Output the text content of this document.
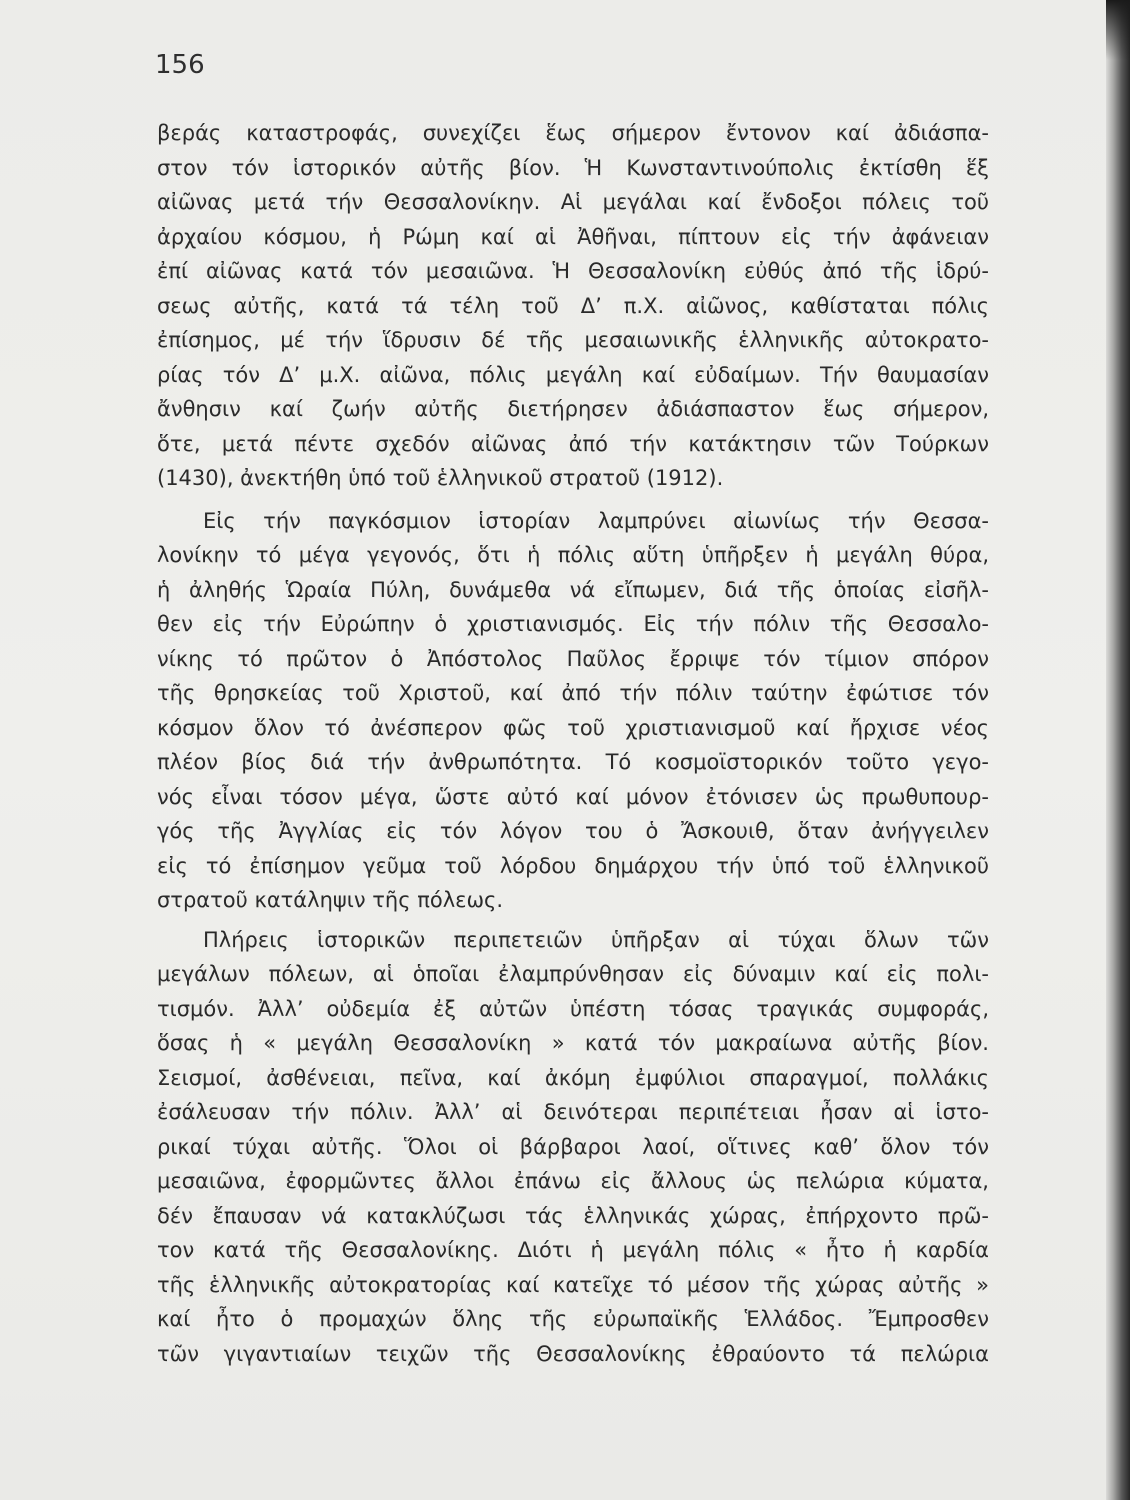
156
βεράς καταστροφάς, συνεχίζει ἕως σήμερον ἔντονον καί ἀδιάσπα-
στον τόν ἱστορικόν αὐτῆς βίον. Ἡ Κωνσταντινούπολις ἐκτίσθη ἕξ
αἰῶνας μετά τήν Θεσσαλονίκην. Αἱ μεγάλαι καί ἔνδοξοι πόλεις τοῦ
ἀρχαίου κόσμου, ἡ Ρώμη καί αἱ Ἀθῆναι, πίπτουν εἰς τήν ἀφάνειαν
ἐπί αἰῶνας κατά τόν μεσαιῶνα. Ἡ Θεσσαλονίκη εὐθύς ἀπό τῆς ἱδρύ-
σεως αὐτῆς, κατά τά τέλη τοῦ Δ’ π.Χ. αἰῶνος, καθίσταται πόλις
ἐπίσημος, μέ τήν ἵδρυσιν δέ τῆς μεσαιωνικῆς ἑλληνικῆς αὐτοκρατο-
ρίας τόν Δ’ μ.Χ. αἰῶνα, πόλις μεγάλη καί εὐδαίμων. Τήν θαυμασίαν
ἄνθησιν καί ζωήν αὐτῆς διετήρησεν ἀδιάσπαστον ἕως σήμερον,
ὅτε, μετά πέντε σχεδόν αἰῶνας ἀπό τήν κατάκτησιν τῶν Τούρκων
(1430), ἀνεκτήθη ὑπό τοῦ ἑλληνικοῦ στρατοῦ (1912).
Εἰς τήν παγκόσμιον ἱστορίαν λαμπρύνει αἰωνίως τήν Θεσσα-
λονίκην τό μέγα γεγονός, ὅτι ἡ πόλις αὕτη ὑπῆρξεν ἡ μεγάλη θύρα,
ἡ ἀληθής Ὡραία Πύλη, δυνάμεθα νά εἴπωμεν, διά τῆς ὁποίας εἰσῆλ-
θεν εἰς τήν Εὐρώπην ὁ χριστιανισμός. Εἰς τήν πόλιν τῆς Θεσσαλο-
νίκης τό πρῶτον ὁ Ἀπόστολος Παῦλος ἔρριψε τόν τίμιον σπόρον
τῆς θρησκείας τοῦ Χριστοῦ, καί ἀπό τήν πόλιν ταύτην ἐφώτισε τόν
κόσμον ὅλον τό ἀνέσπερον φῶς τοῦ χριστιανισμοῦ καί ἤρχισε νέος
πλέον βίος διά τήν ἀνθρωπότητα. Τό κοσμοϊστορικόν τοῦτο γεγο-
νός εἶναι τόσον μέγα, ὥστε αὐτό καί μόνον ἐτόνισεν ὡς πρωθυπουρ-
γός τῆς Ἀγγλίας εἰς τόν λόγον του ὁ Ἄσκουιθ, ὅταν ἀνήγγειλεν
εἰς τό ἐπίσημον γεῦμα τοῦ λόρδου δημάρχου τήν ὑπό τοῦ ἑλληνικοῦ
στρατοῦ κατάληψιν τῆς πόλεως.
Πλήρεις ἱστορικῶν περιπετειῶν ὑπῆρξαν αἱ τύχαι ὅλων τῶν
μεγάλων πόλεων, αἱ ὁποῖαι ἐλαμπρύνθησαν εἰς δύναμιν καί εἰς πολι-
τισμόν. Ἀλλ’ οὐδεμία ἐξ αὐτῶν ὑπέστη τόσας τραγικάς συμφοράς,
ὅσας ἡ « μεγάλη Θεσσαλονίκη » κατά τόν μακραίωνα αὐτῆς βίον.
Σεισμοί, ἀσθένειαι, πεῖνα, καί ἀκόμη ἐμφύλιοι σπαραγμοί, πολλάκις
ἐσάλευσαν τήν πόλιν. Ἀλλ’ αἱ δεινότεραι περιπέτειαι ἦσαν αἱ ἱστο-
ρικαί τύχαι αὐτῆς. Ὅλοι οἱ βάρβαροι λαοί, οἵτινες καθ’ ὅλον τόν
μεσαιῶνα, ἐφορμῶντες ἄλλοι ἐπάνω εἰς ἄλλους ὡς πελώρια κύματα,
δέν ἔπαυσαν νά κατακλύζωσι τάς ἑλληνικάς χώρας, ἐπήρχοντο πρῶ-
τον κατά τῆς Θεσσαλονίκης. Διότι ἡ μεγάλη πόλις « ἦτο ἡ καρδία
τῆς ἑλληνικῆς αὐτοκρατορίας καί κατεῖχε τό μέσον τῆς χώρας αὐτῆς »
καί ἦτο ὁ προμαχών ὅλης τῆς εὐρωπαϊκῆς Ἑλλάδος. Ἔμπροσθεν
τῶν γιγαντιαίων τειχῶν τῆς Θεσσαλονίκης ἐθραύοντο τά πελώρια
